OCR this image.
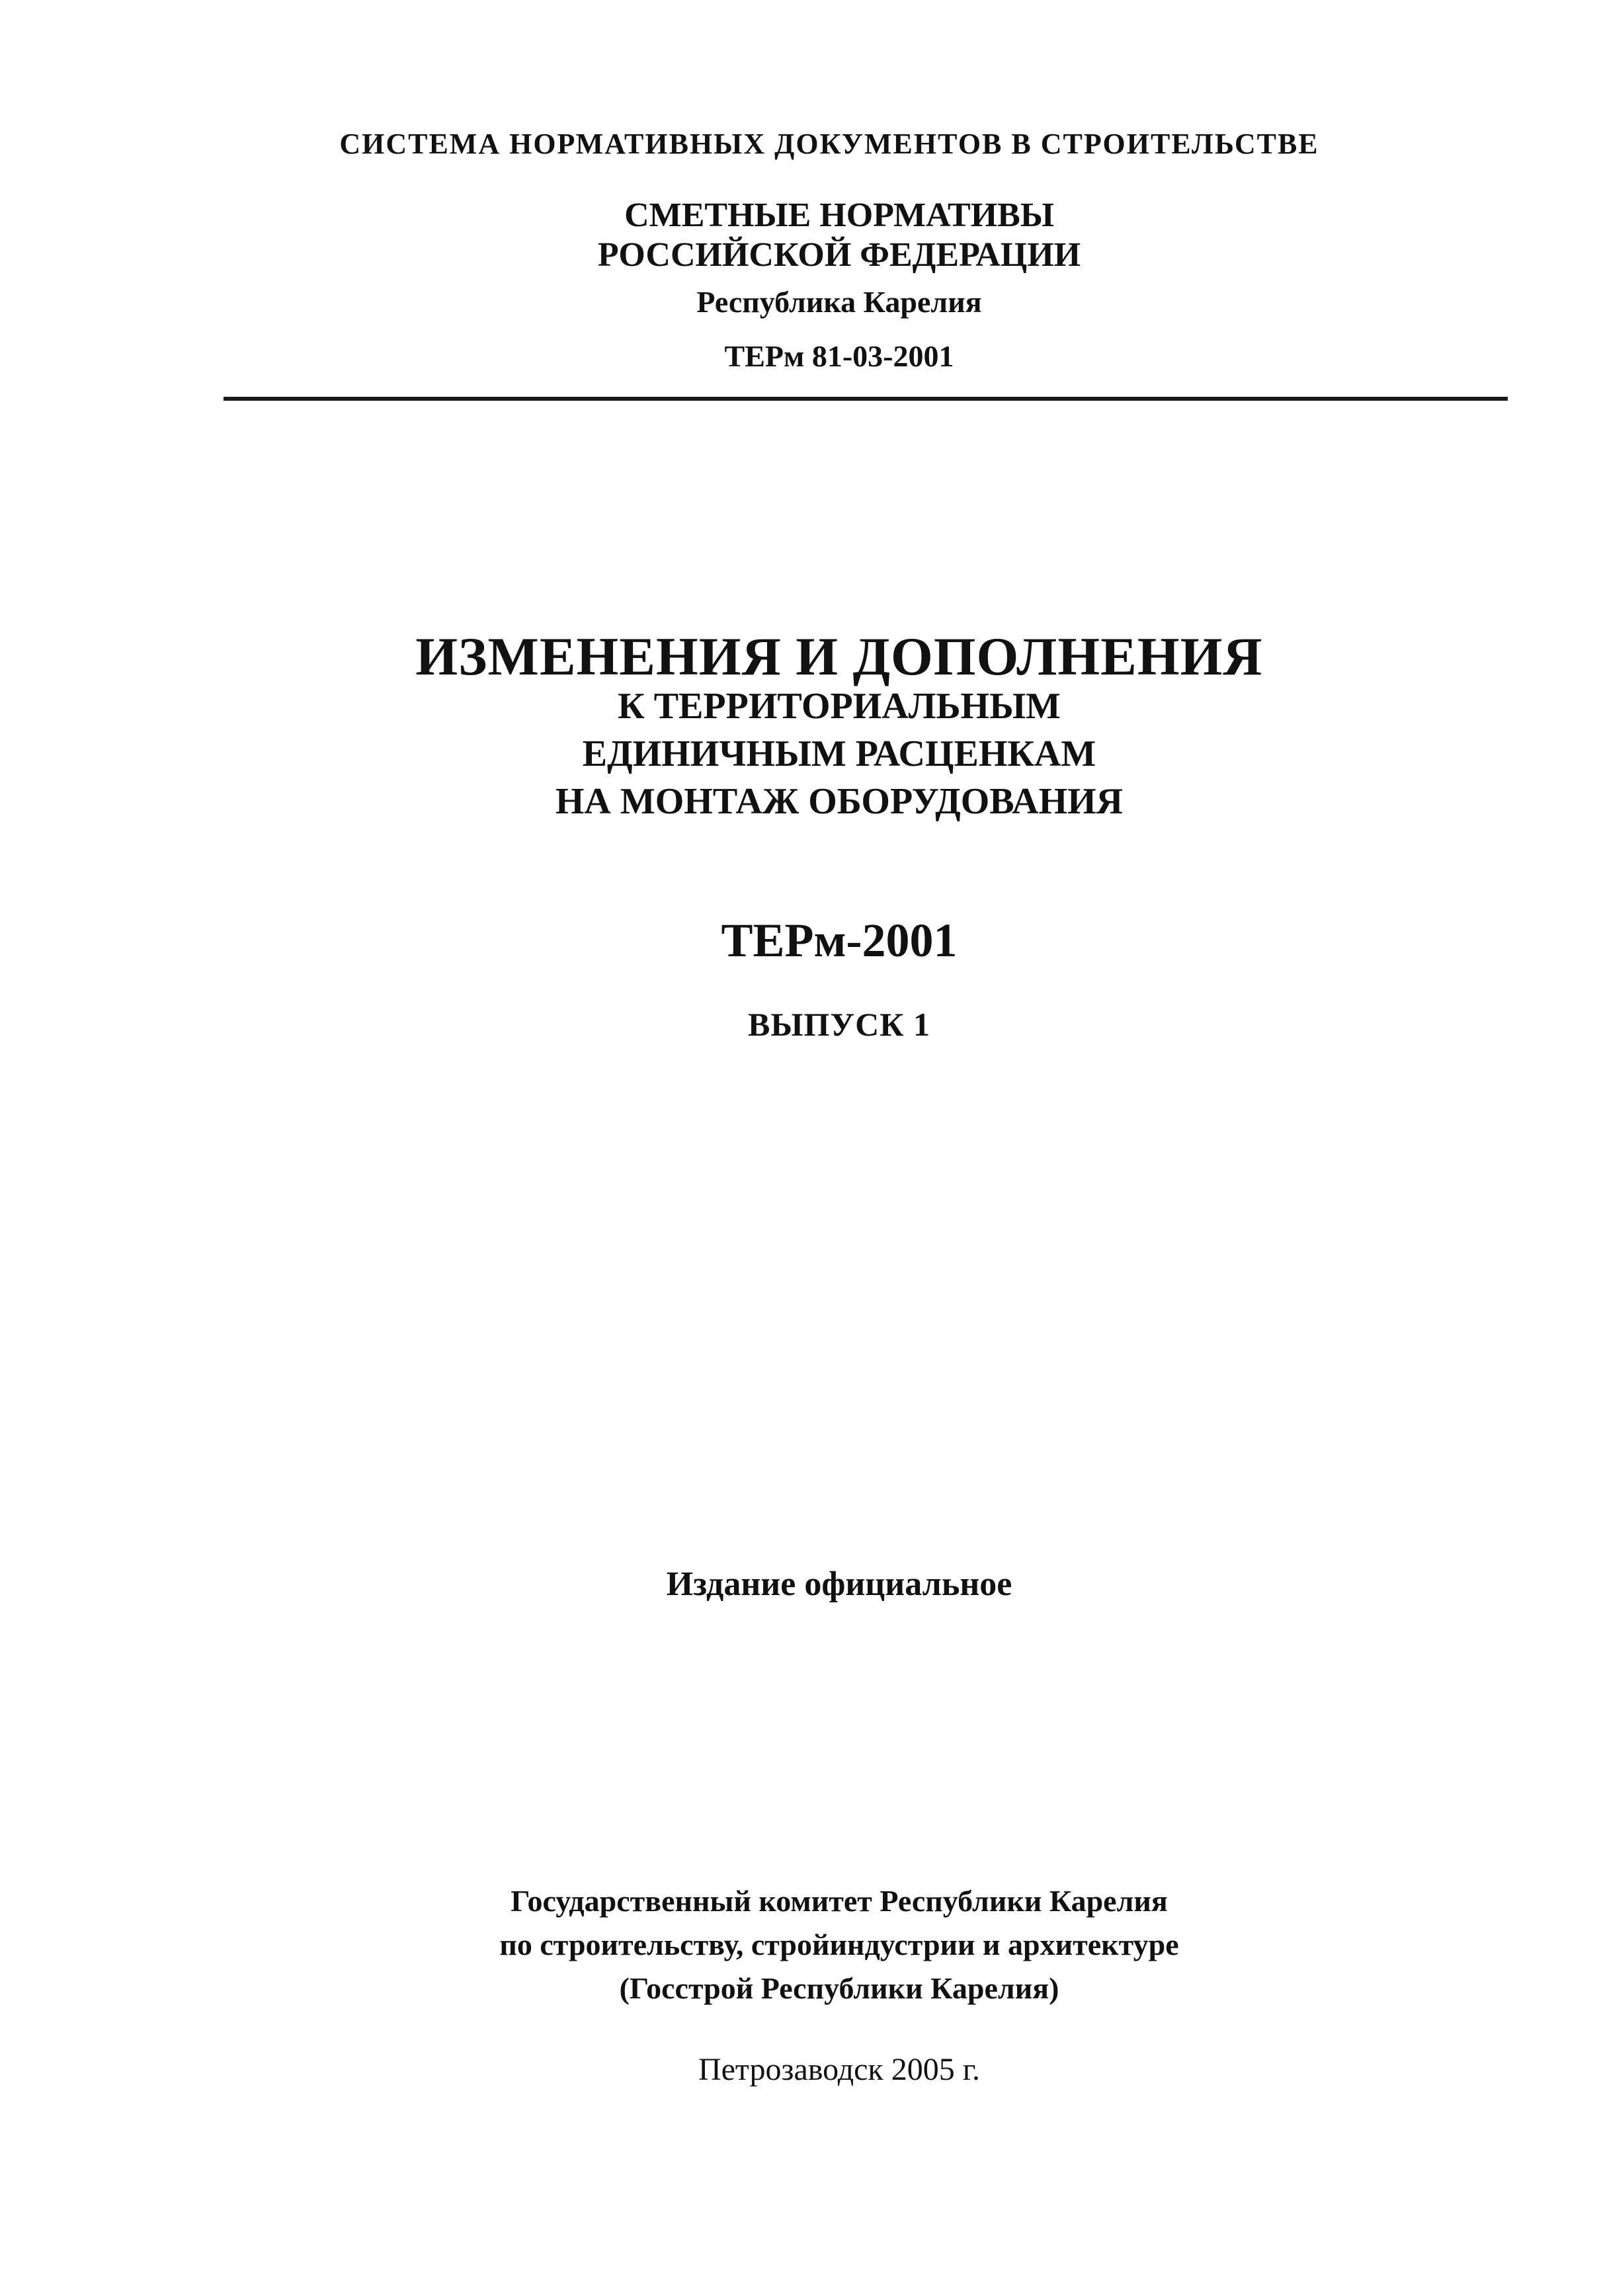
СИСТЕМА НОРМАТИВНЫХ ДОКУМЕНТОВ В СТРОИТЕЛЬСТВЕ
СМЕТНЫЕ НОРМАТИВЫ
РОССИЙСКОЙ ФЕДЕРАЦИИ
Республика Карелия
ТЕРм 81-03-2001
ИЗМЕНЕНИЯ И ДОПОЛНЕНИЯ
К ТЕРРИТОРИАЛЬНЫМ
ЕДИНИЧНЫМ РАСЦЕНКАМ
НА МОНТАЖ ОБОРУДОВАНИЯ
ТЕРм-2001
ВЫПУСК 1
Издание официальное
Государственный комитет Республики Карелия
по строительству, стройиндустрии и архитектуре
(Госстрой Республики Карелия)
Петрозаводск 2005 г.
